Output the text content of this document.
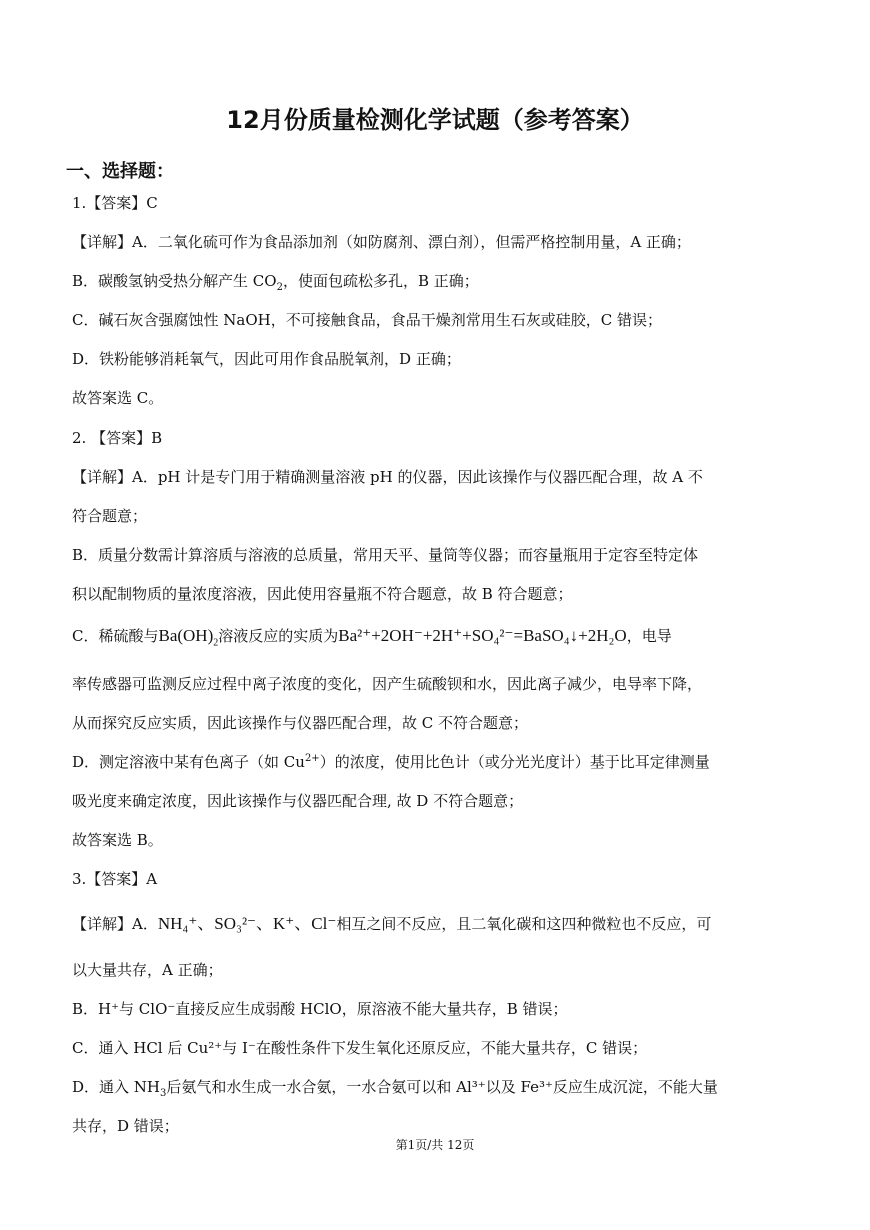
12月份质量检测化学试题（参考答案）
一、选择题：
1.【答案】C
【详解】A．二氧化硫可作为食品添加剂（如防腐剂、漂白剂），但需严格控制用量，A 正确；
B．碳酸氢钠受热分解产生 $CO_2$，使面包疏松多孔，B 正确；
C．碱石灰含强腐蚀性 NaOH，不可接触食品，食品干燥剂常用生石灰或硅胶，C 错误；
D．铁粉能够消耗氧气，因此可用作食品脱氧剂，D 正确；
故答案选 C。
2. 【答案】B
【详解】A．pH 计是专门用于精确测量溶液 pH 的仪器，因此该操作与仪器匹配合理，故 A 不
符合题意；
B．质量分数需计算溶质与溶液的总质量，常用天平、量筒等仪器；而容量瓶用于定容至特定体
积以配制物质的量浓度溶液，因此使用容量瓶不符合题意，故 B 符合题意；
C．稀硫酸与$Ba(OH)_2$溶液反应的实质为Ba²⁺+2OH⁻+2H⁺+SO₄²⁻=BaSO₄↓+2H₂O，电导
率传感器可监测反应过程中离子浓度的变化，因产生硫酸钡和水，因此离子减少，电导率下降，
从而探究反应实质，因此该操作与仪器匹配合理，故 C 不符合题意；
D．测定溶液中某有色离子（如 $Cu^{2+}$）的浓度，使用比色计（或分光光度计）基于比耳定律测量
吸光度来确定浓度，因此该操作与仪器匹配合理, 故 D 不符合题意；
故答案选 B。
3.【答案】A
【详解】A．NH₄⁺、SO₃²⁻、K⁺、Cl⁻相互之间不反应，且二氧化碳和这四种微粒也不反应，可
以大量共存，A 正确；
B．H⁺与 ClO⁻直接反应生成弱酸 HClO，原溶液不能大量共存，B 错误；
C．通入 HCl 后 Cu²⁺与 I⁻在酸性条件下发生氧化还原反应，不能大量共存，C 错误；
D．通入 $NH_3$后氨气和水生成一水合氨，一水合氨可以和 Al³⁺以及 Fe³⁺反应生成沉淀，不能大量
共存，D 错误；
第1页/共 12页
